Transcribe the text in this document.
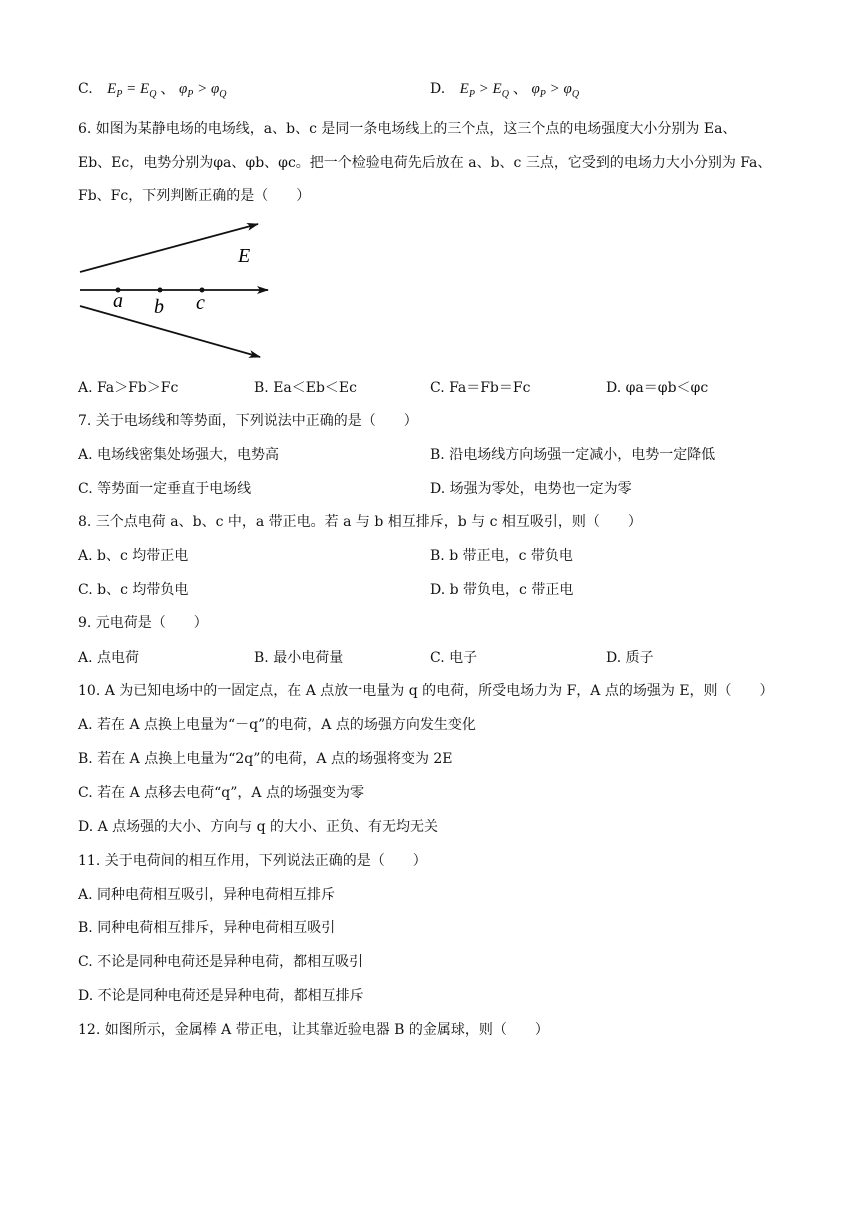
C. $E_P = E_Q$ 、 $\varphi_P > \varphi_Q$	D. $E_P > E_Q$ 、 $\varphi_P > \varphi_Q$
6. 如图为某静电场的电场线，a、b、c 是同一条电场线上的三个点，这三个点的电场强度大小分别为 Ea、
Eb、Ec，电势分别为φa、φb、φc。把一个检验电荷先后放在 a、b、c 三点，它受到的电场力大小分别为 Fa、
Fb、Fc，下列判断正确的是（　　）
E
a b c
A. Fa＞Fb＞Fc	B. Ea＜Eb＜Ec	C. Fa＝Fb＝Fc	D. φa＝φb＜φc
7. 关于电场线和等势面，下列说法中正确的是（　　）
A. 电场线密集处场强大，电势高	B. 沿电场线方向场强一定减小，电势一定降低
C. 等势面一定垂直于电场线	D. 场强为零处，电势也一定为零
8. 三个点电荷 a、b、c 中，a 带正电。若 a 与 b 相互排斥，b 与 c 相互吸引，则（　　）
A. b、c 均带正电	B. b 带正电，c 带负电
C. b、c 均带负电	D. b 带负电，c 带正电
9. 元电荷是（　　）
A. 点电荷	B. 最小电荷量	C. 电子	D. 质子
10. A 为已知电场中的一固定点，在 A 点放一电量为 q 的电荷，所受电场力为 F，A 点的场强为 E，则（　　）
A. 若在 A 点换上电量为“－q”的电荷，A 点的场强方向发生变化
B. 若在 A 点换上电量为“2q”的电荷，A 点的场强将变为 2E
C. 若在 A 点移去电荷“q”，A 点的场强变为零
D. A 点场强的大小、方向与 q 的大小、正负、有无均无关
11. 关于电荷间的相互作用，下列说法正确的是（　　）
A. 同种电荷相互吸引，异种电荷相互排斥
B. 同种电荷相互排斥，异种电荷相互吸引
C. 不论是同种电荷还是异种电荷，都相互吸引
D. 不论是同种电荷还是异种电荷，都相互排斥
12. 如图所示，金属棒 A 带正电，让其靠近验电器 B 的金属球，则（　　）
